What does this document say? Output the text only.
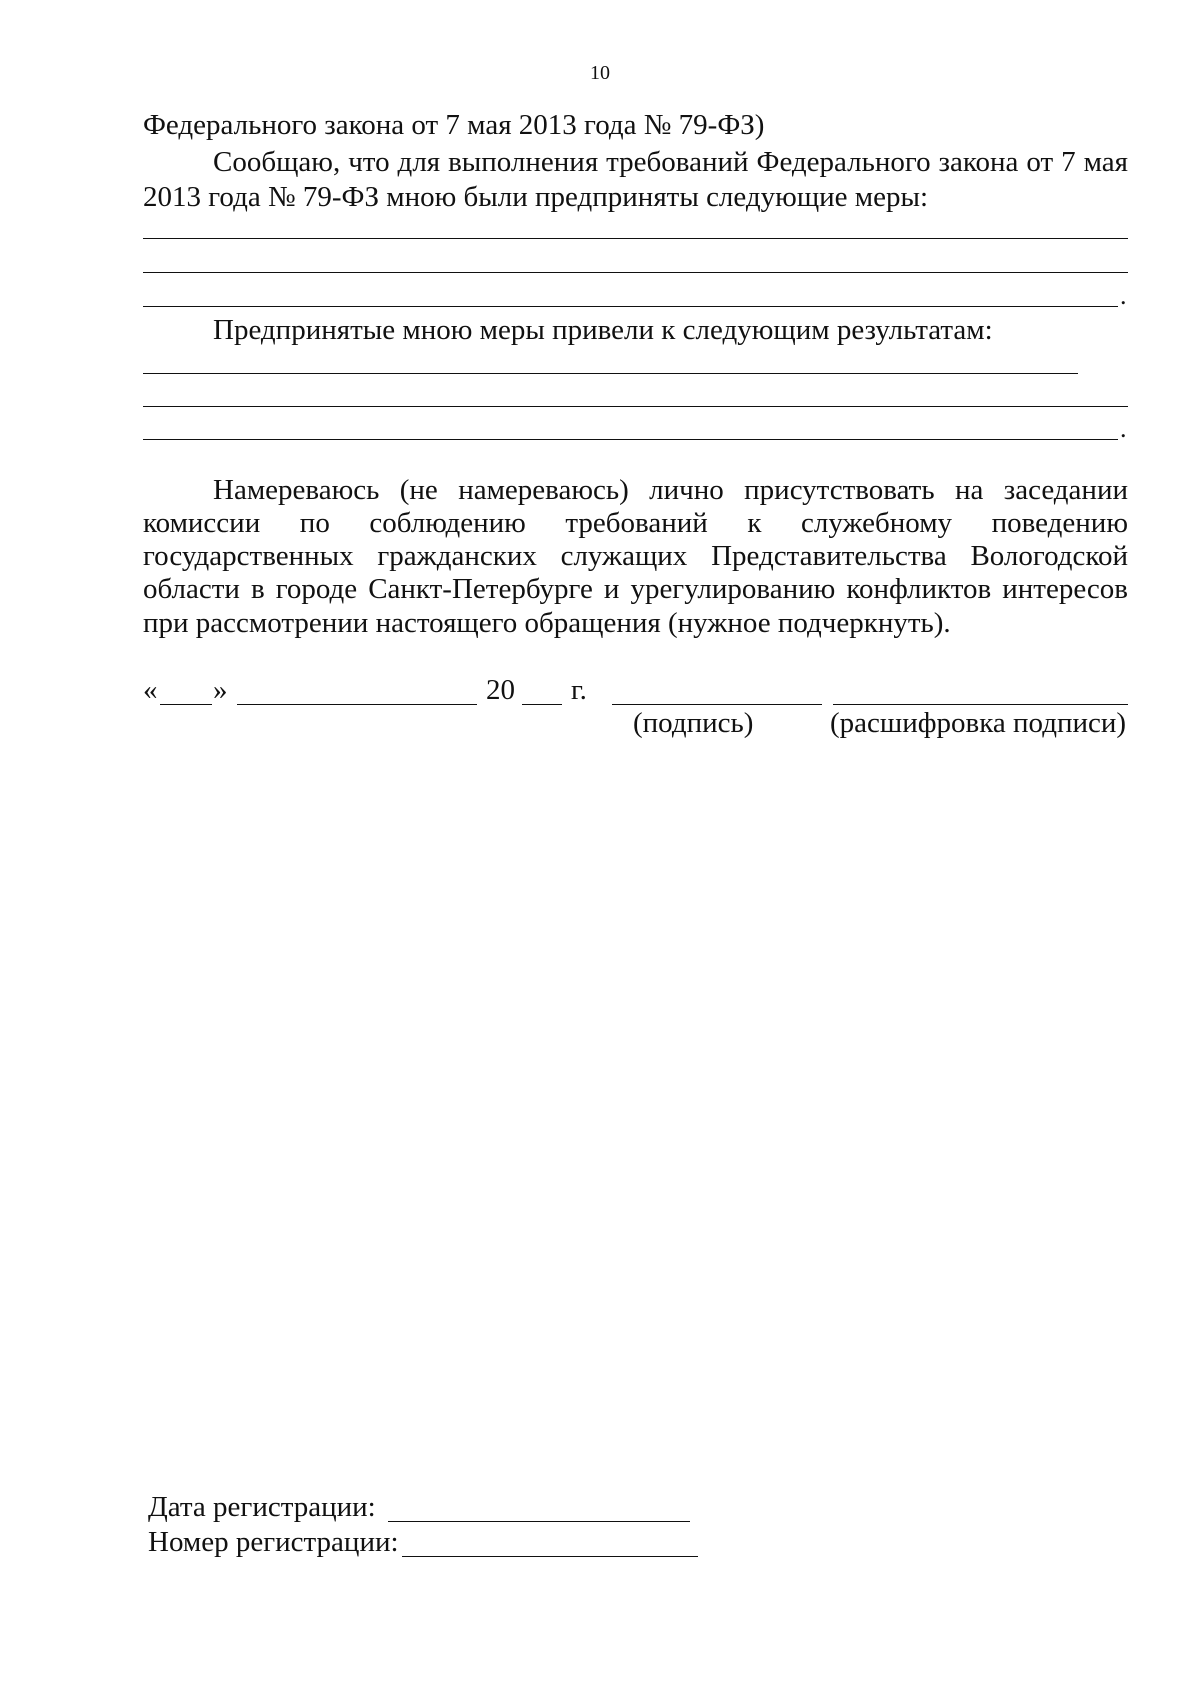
10
Федерального закона от 7 мая 2013 года № 79-ФЗ)
Сообщаю, что для выполнения требований Федерального закона от 7 мая
2013 года № 79-ФЗ мною были предприняты следующие меры:
.
Предпринятые мною меры привели к следующим результатам:
.
Намереваюсь (не намереваюсь) лично присутствовать на заседании
комиссии по соблюдению требований к служебному поведению
государственных гражданских служащих Представительства Вологодской
области в городе Санкт-Петербурге и урегулированию конфликтов интересов
при рассмотрении настоящего обращения (нужное подчеркнуть).
« »	20 г.
(подпись)	(расшифровка подписи)
Дата регистрации:
Номер регистрации:
